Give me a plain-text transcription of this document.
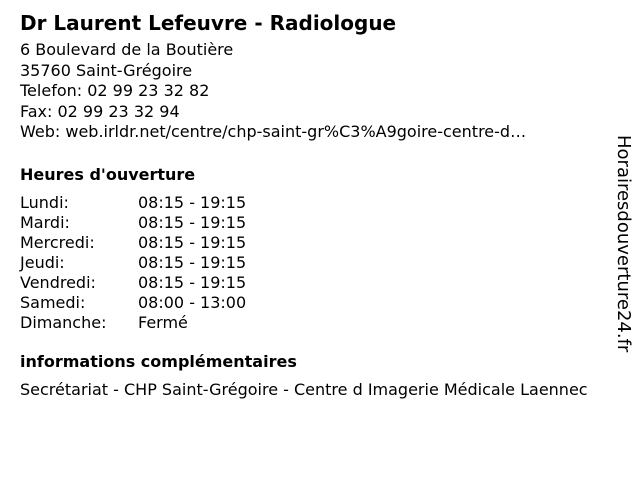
Dr Laurent Lefeuvre - Radiologue
6 Boulevard de la Boutière
35760 Saint-Grégoire
Telefon: 02 99 23 32 82
Fax: 02 99 23 32 94
Web: web.irldr.net/centre/chp-saint-gr%C3%A9goire-centre-d…
Heures d'ouverture
Lundi:	08:15 - 19:15
Mardi:	08:15 - 19:15
Mercredi:	08:15 - 19:15
Jeudi:	08:15 - 19:15
Vendredi:	08:15 - 19:15
Samedi:	08:00 - 13:00
Dimanche:	Fermé
informations complémentaires
Secrétariat - CHP Saint-Grégoire - Centre d Imagerie Médicale Laennec
Horairesdouverture24.fr
